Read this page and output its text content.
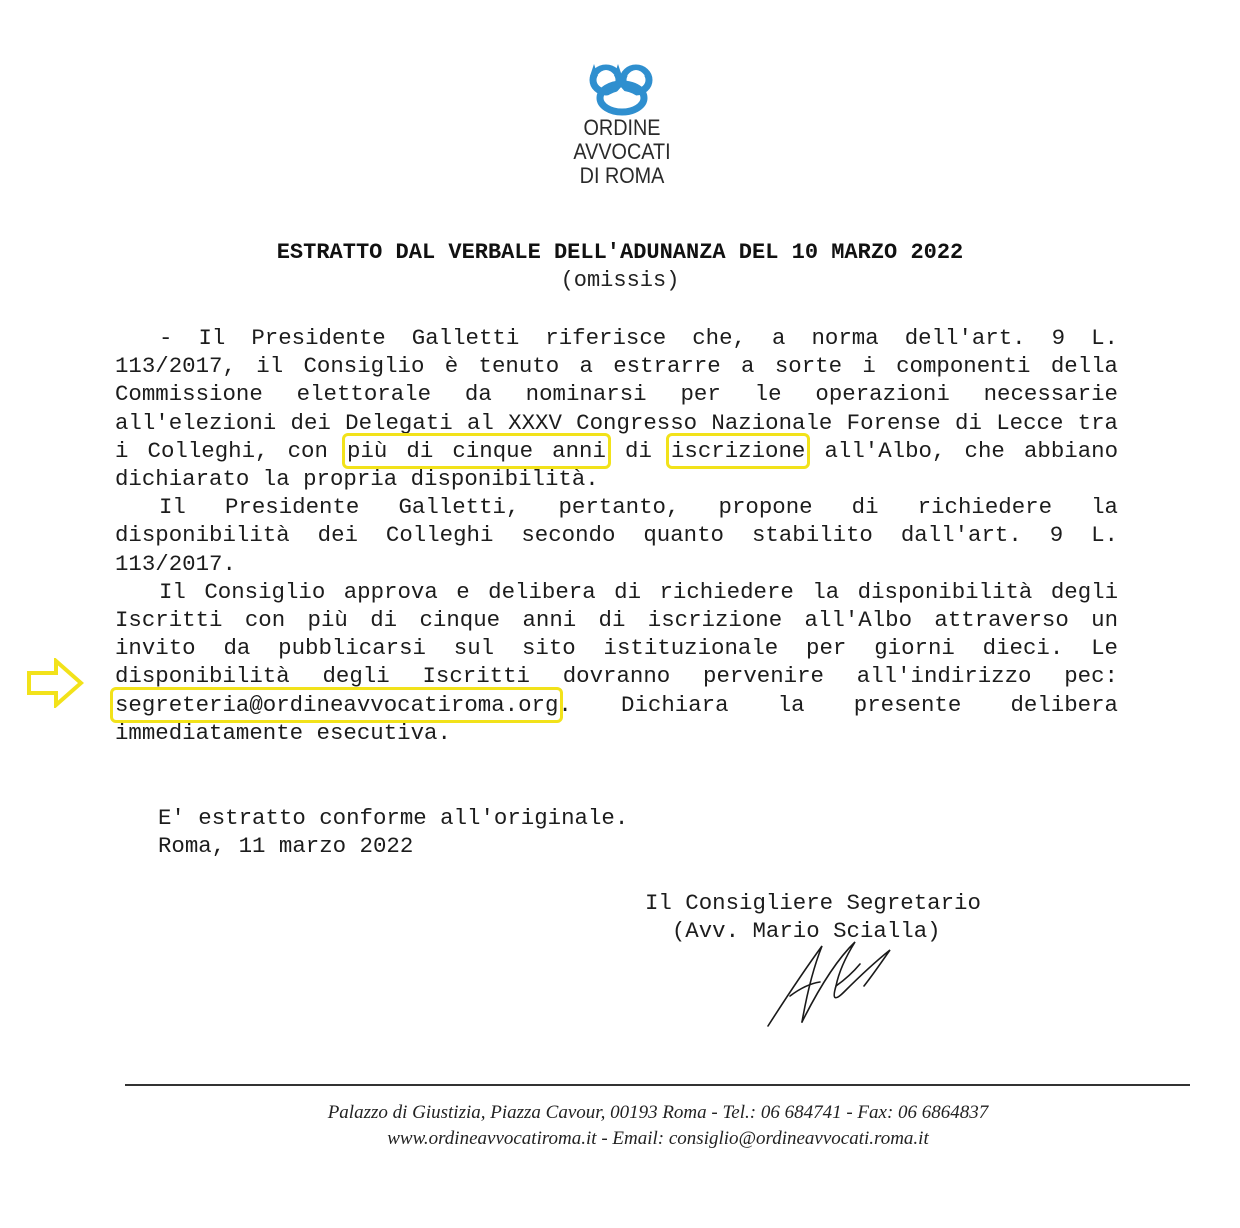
ORDINE
AVVOCATI
DI ROMA
ESTRATTO DAL VERBALE DELL'ADUNANZA DEL 10 MARZO 2022
(omissis)

- Il Presidente Galletti riferisce che, a norma dell'art. 9 L. 113/2017, il Consiglio è tenuto a estrarre a sorte i componenti della Commissione elettorale da nominarsi per le operazioni necessarie all'elezioni dei Delegati al XXXV Congresso Nazionale Forense di Lecce tra i Colleghi, con più di cinque anni di iscrizione all'Albo, che abbiano dichiarato la propria disponibilità.

Il Presidente Galletti, pertanto, propone di richiedere la disponibilità dei Colleghi secondo quanto stabilito dall'art. 9 L. 113/2017.

Il Consiglio approva e delibera di richiedere la disponibilità degli Iscritti con più di cinque anni di iscrizione all'Albo attraverso un invito da pubblicarsi sul sito istituzionale per giorni dieci. Le disponibilità degli Iscritti dovranno pervenire all'indirizzo pec: segreteria@ordineavvocatiroma.org. Dichiara la presente delibera immediatamente esecutiva.

E' estratto conforme all'originale.
Roma, 11 marzo 2022
Il Consigliere Segretario
(Avv. Mario Scialla)
Palazzo di Giustizia, Piazza Cavour, 00193 Roma - Tel.: 06 684741 - Fax: 06 6864837
www.ordineavvocatiroma.it - Email: consiglio@ordineavvocati.roma.it
